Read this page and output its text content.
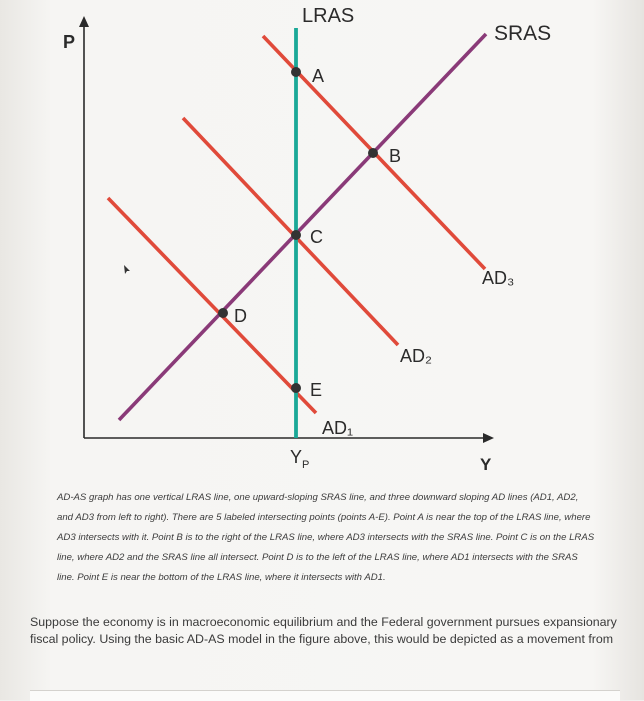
A
B
C
D
E
LRAS
SRAS
AD₃
AD₂
AD₁
P
Y
$Y_P$

AD-AS graph has one vertical LRAS line, one upward-sloping SRAS line, and three downward sloping AD lines (AD1, AD2, and AD3 from left to right). There are 5 labeled intersecting points (points A-E). Point A is near the top of the LRAS line, where AD3 intersects with it. Point B is to the right of the LRAS line, where AD3 intersects with the SRAS line. Point C is on the LRAS line, where AD2 and the SRAS line all intersect. Point D is to the left of the LRAS line, where AD1 intersects with the SRAS line. Point E is near the bottom of the LRAS line, where it intersects with AD1.

Suppose the economy is in macroeconomic equilibrium and the Federal government pursues expansionary fiscal policy. Using the basic AD-AS model in the figure above, this would be depicted as a movement from
